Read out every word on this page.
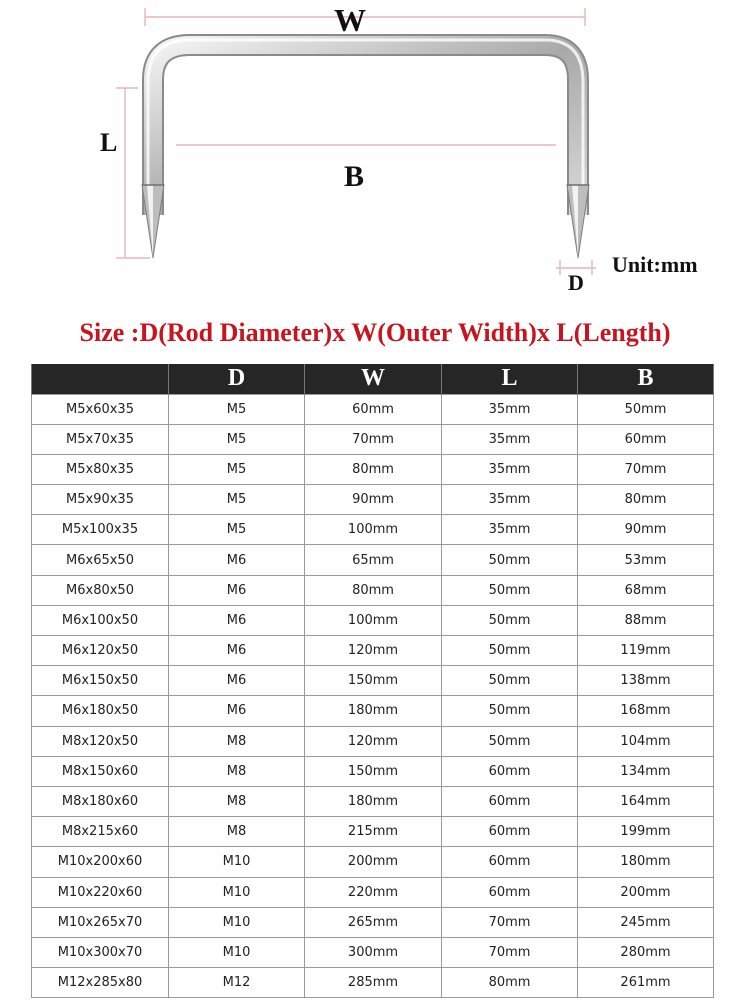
W
L
B
D
Unit:mm
Size :D(Rod Diameter)x W(Outer Width)x L(Length)
	D	W	L	B
M5x60x35	M5	60mm	35mm	50mm
M5x70x35	M5	70mm	35mm	60mm
M5x80x35	M5	80mm	35mm	70mm
M5x90x35	M5	90mm	35mm	80mm
M5x100x35	M5	100mm	35mm	90mm
M6x65x50	M6	65mm	50mm	53mm
M6x80x50	M6	80mm	50mm	68mm
M6x100x50	M6	100mm	50mm	88mm
M6x120x50	M6	120mm	50mm	119mm
M6x150x50	M6	150mm	50mm	138mm
M6x180x50	M6	180mm	50mm	168mm
M8x120x50	M8	120mm	50mm	104mm
M8x150x60	M8	150mm	60mm	134mm
M8x180x60	M8	180mm	60mm	164mm
M8x215x60	M8	215mm	60mm	199mm
M10x200x60	M10	200mm	60mm	180mm
M10x220x60	M10	220mm	60mm	200mm
M10x265x70	M10	265mm	70mm	245mm
M10x300x70	M10	300mm	70mm	280mm
M12x285x80	M12	285mm	80mm	261mm
